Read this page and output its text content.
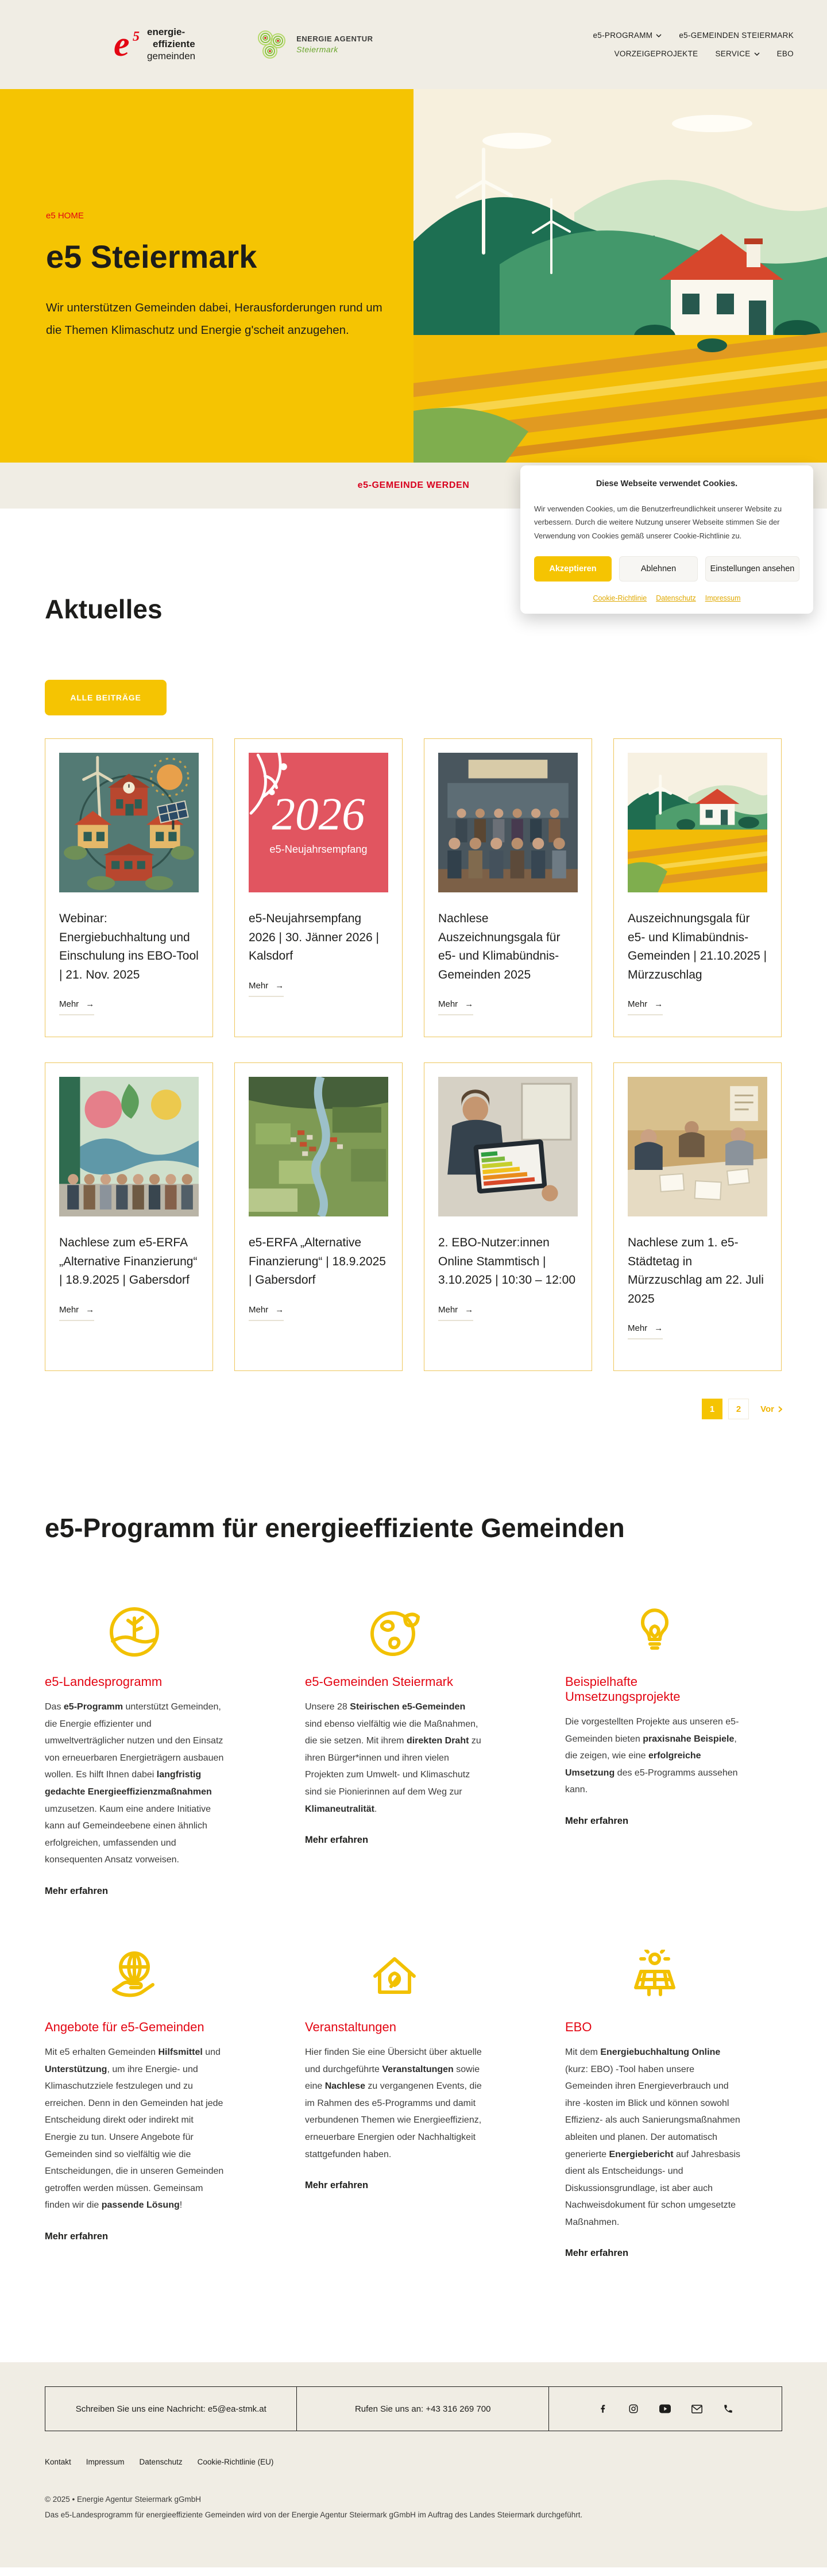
e 5 energie-
effiziente
gemeinden
ENERGIE AGENTUR
Steiermark
e5-PROGRAMM	e5-GEMEINDEN STEIERMARK
VORZEIGEPROJEKTE SERVICE	EBO

e5 HOME

e5 Steiermark

Wir unterstützen Gemeinden dabei, Herausforderungen rund um die Themen Klimaschutz und Energie g'scheit anzugehen.

e5-GEMEINDE WERDEN	Diese Webseite verwendet Cookies.

Wir verwenden Cookies, um die Benutzerfreundlichkeit unserer Website zu verbessern. Durch die weitere Nutzung unserer Webseite stimmen Sie der Verwendung von Cookies gemäß unserer Cookie-Richtlinie zu.

Akzeptieren	Ablehnen	Einstellungen ansehen
Cookie-Richtlinie Datenschutz Impressum
Aktuelles
ALLE BEITRÄGE

Webinar: Energiebuchhaltung und Einschulung ins EBO-Tool | 21. Nov. 2025

Mehr →
2026
e5-Neujahrsempfang

e5-Neujahrsempfang 2026 | 30. Jänner 2026 | Kalsdorf

Mehr →

Nachlese Auszeichnungsgala für e5- und Klimabündnis-Gemeinden 2025

Mehr →

Auszeichnungsgala für e5- und Klimabündnis-Gemeinden | 21.10.2025 | Mürzzuschlag

Mehr →

Nachlese zum e5-ERFA „Alternative Finanzierung“ | 18.9.2025 | Gabersdorf

Mehr →

e5-ERFA „Alternative Finanzierung“ | 18.9.2025 | Gabersdorf

Mehr →

2. EBO-Nutzer:innen Online Stammtisch | 3.10.2025 | 10:30 – 12:00

Mehr →

Nachlese zum 1. e5-Städtetag in Mürzzuschlag am 22. Juli 2025

Mehr →
1	2	Vor
e5-Programm für energieeffiziente Gemeinden
e5-Landesprogramm

Das e5-Programm unterstützt Gemeinden, die Energie effizienter und umweltverträglicher nutzen und den Einsatz von erneuerbaren Energieträgern ausbauen wollen. Es hilft Ihnen dabei langfristig gedachte Energieeffizienzmaßnahmen umzusetzen. Kaum eine andere Initiative kann auf Gemeindeebene einen ähnlich erfolgreichen, umfassenden und konsequenten Ansatz vorweisen.

Mehr erfahren
e5-Gemeinden Steiermark

Unsere 28 Steirischen e5-Gemeinden sind ebenso vielfältig wie die Maßnahmen, die sie setzen. Mit ihrem direkten Draht zu ihren Bürger*innen und ihren vielen Projekten zum Umwelt- und Klimaschutz sind sie Pionierinnen auf dem Weg zur Klimaneutralität.

Mehr erfahren
Beispielhafte Umsetzungsprojekte

Die vorgestellten Projekte aus unseren e5-Gemeinden bieten praxisnahe Beispiele, die zeigen, wie eine erfolgreiche Umsetzung des e5-Programms aussehen kann.

Mehr erfahren
Angebote für e5-Gemeinden

Mit e5 erhalten Gemeinden Hilfsmittel und Unterstützung, um ihre Energie- und Klimaschutzziele festzulegen und zu erreichen. Denn in den Gemeinden hat jede Entscheidung direkt oder indirekt mit Energie zu tun. Unsere Angebote für Gemeinden sind so vielfältig wie die Entscheidungen, die in unseren Gemeinden getroffen werden müssen. Gemeinsam finden wir die passende Lösung!

Mehr erfahren
Veranstaltungen

Hier finden Sie eine Übersicht über aktuelle und durchgeführte Veranstaltungen sowie eine Nachlese zu vergangenen Events, die im Rahmen des e5-Programms und damit verbundenen Themen wie Energieeffizienz, erneuerbare Energien oder Nachhaltigkeit stattgefunden haben.

Mehr erfahren
EBO

Mit dem Energiebuchhaltung Online (kurz: EBO) -Tool haben unsere Gemeinden ihren Energieverbrauch und ihre -kosten im Blick und können sowohl Effizienz- als auch Sanierungsmaßnahmen ableiten und planen. Der automatisch generierte Energiebericht auf Jahresbasis dient als Entscheidungs- und Diskussionsgrundlage, ist aber auch Nachweisdokument für schon umgesetzte Maßnahmen.

Mehr erfahren
Schreiben Sie uns eine Nachricht: e5@ea-stmk.at	Rufen Sie uns an: +43 316 269 700
Kontakt Impressum Datenschutz Cookie-Richtlinie (EU)

© 2025 • Energie Agentur Steiermark gGmbH

Das e5-Landesprogramm für energieeffiziente Gemeinden wird von der Energie Agentur Steiermark gGmbH im Auftrag des Landes Steiermark durchgeführt.
